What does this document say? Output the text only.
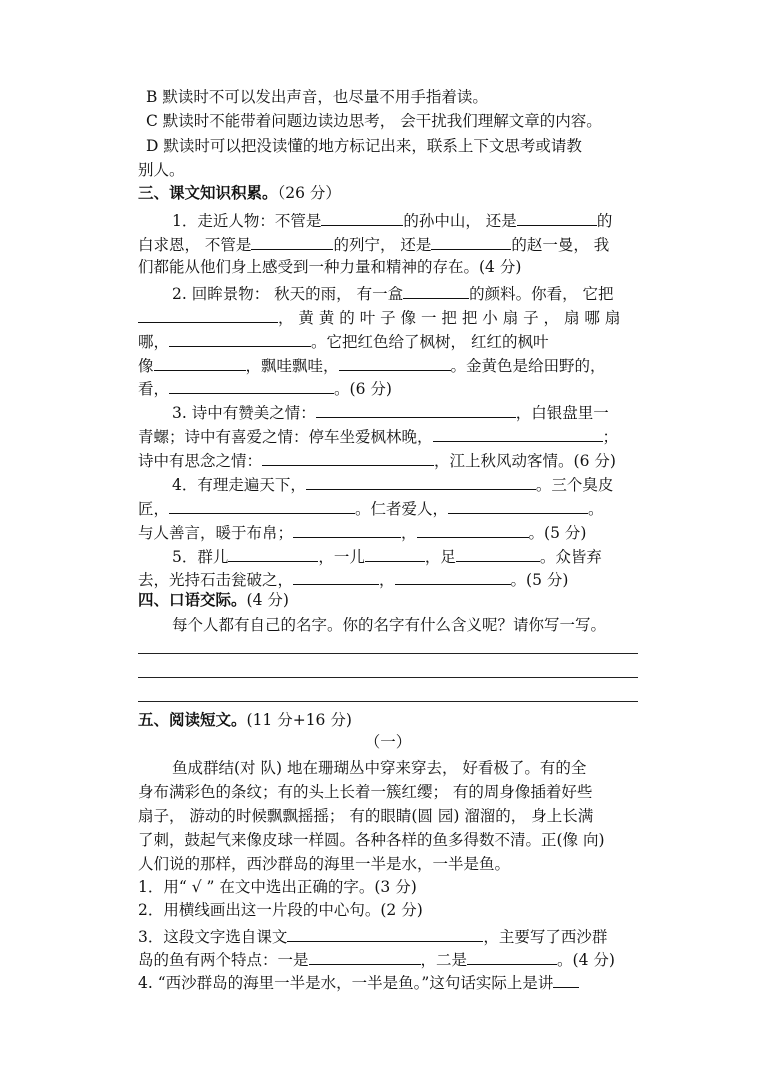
B 默读时不可以发出声音，也尽量不用手指着读。
C 默读时不能带着问题边读边思考， 会干扰我们理解文章的内容。
D 默读时可以把没读懂的地方标记出来，联系上下文思考或请教
别人。
三、课文知识积累。（26 分）
1．走近人物：不管是	的孙中山， 还是	的
白求恩， 不管是	的列宁， 还是	的赵一曼， 我
们都能从他们身上感受到一种力量和精神的存在。(4 分)
2. 回眸景物： 秋天的雨， 有一盒	的颜料。你看， 它把
， 黄 黄 的 叶 子 像 一 把 把 小 扇 子 ， 扇 哪 扇
哪，	。它把红色给了枫树， 红红的枫叶
像	，飘哇飘哇，	。金黄色是给田野的，
看，	。(6 分)
3. 诗中有赞美之情：	，白银盘里一
青螺；诗中有喜爱之情：停车坐爱枫林晚，	；
诗中有思念之情：	，江上秋风动客情。(6 分)
4．有理走遍天下，	。三个臭皮
匠，	。仁者爱人，	。
与人善言，暖于布帛；	，	。(5 分)
5．群儿	，一儿	，足	。众皆弃
去，光持石击瓮破之，	，	。(5 分)
四、口语交际。(4 分)
每个人都有自己的名字。你的名字有什么含义呢？请你写一写。
五、阅读短文。(11 分+16 分)
（一）
鱼成群结(对 队) 地在珊瑚丛中穿来穿去， 好看极了。有的全
身布满彩色的条纹；有的头上长着一簇红缨； 有的周身像插着好些
扇子， 游动的时候飘飘摇摇； 有的眼睛(圆 园) 溜溜的， 身上长满
了刺，鼓起气来像皮球一样圆。各种各样的鱼多得数不清。正(像 向)
人们说的那样，西沙群岛的海里一半是水，一半是鱼。
1．用“ √ ” 在文中选出正确的字。(3 分)
2．用横线画出这一片段的中心句。(2 分)
3．这段文字选自课文	，主要写了西沙群
岛的鱼有两个特点：一是	，二是	。(4 分)
4. “西沙群岛的海里一半是水，一半是鱼。”这句话实际上是讲
